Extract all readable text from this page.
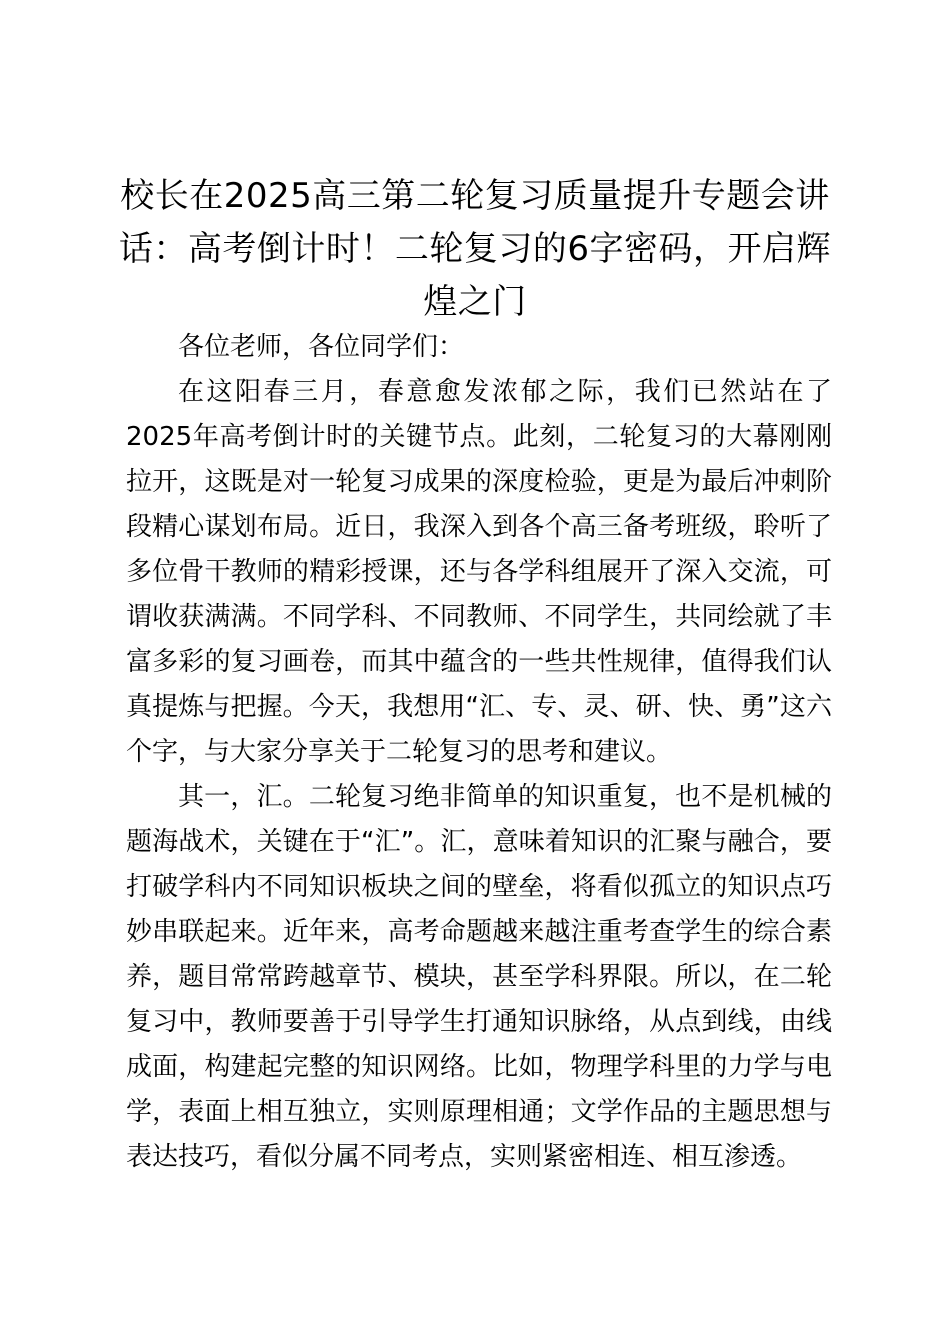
校长在2025高三第二轮复习质量提升专题会讲话：高考倒计时！二轮复习的6字密码，开启辉煌之门

各位老师，各位同学们：

在这阳春三月，春意愈发浓郁之际，我们已然站在了2025年高考倒计时的关键节点。此刻，二轮复习的大幕刚刚拉开，这既是对一轮复习成果的深度检验，更是为最后冲刺阶段精心谋划布局。近日，我深入到各个高三备考班级，聆听了多位骨干教师的精彩授课，还与各学科组展开了深入交流，可谓收获满满。不同学科、不同教师、不同学生，共同绘就了丰富多彩的复习画卷，而其中蕴含的一些共性规律，值得我们认真提炼与把握。今天，我想用“汇、专、灵、研、快、勇”这六个字，与大家分享关于二轮复习的思考和建议。

其一，汇。二轮复习绝非简单的知识重复，也不是机械的题海战术，关键在于“汇”。汇，意味着知识的汇聚与融合，要打破学科内不同知识板块之间的壁垒，将看似孤立的知识点巧妙串联起来。近年来，高考命题越来越注重考查学生的综合素养，题目常常跨越章节、模块，甚至学科界限。所以，在二轮复习中，教师要善于引导学生打通知识脉络，从点到线，由线成面，构建起完整的知识网络。比如，物理学科里的力学与电学，表面上相互独立，实则原理相通；文学作品的主题思想与表达技巧，看似分属不同考点，实则紧密相连、相互渗透。
